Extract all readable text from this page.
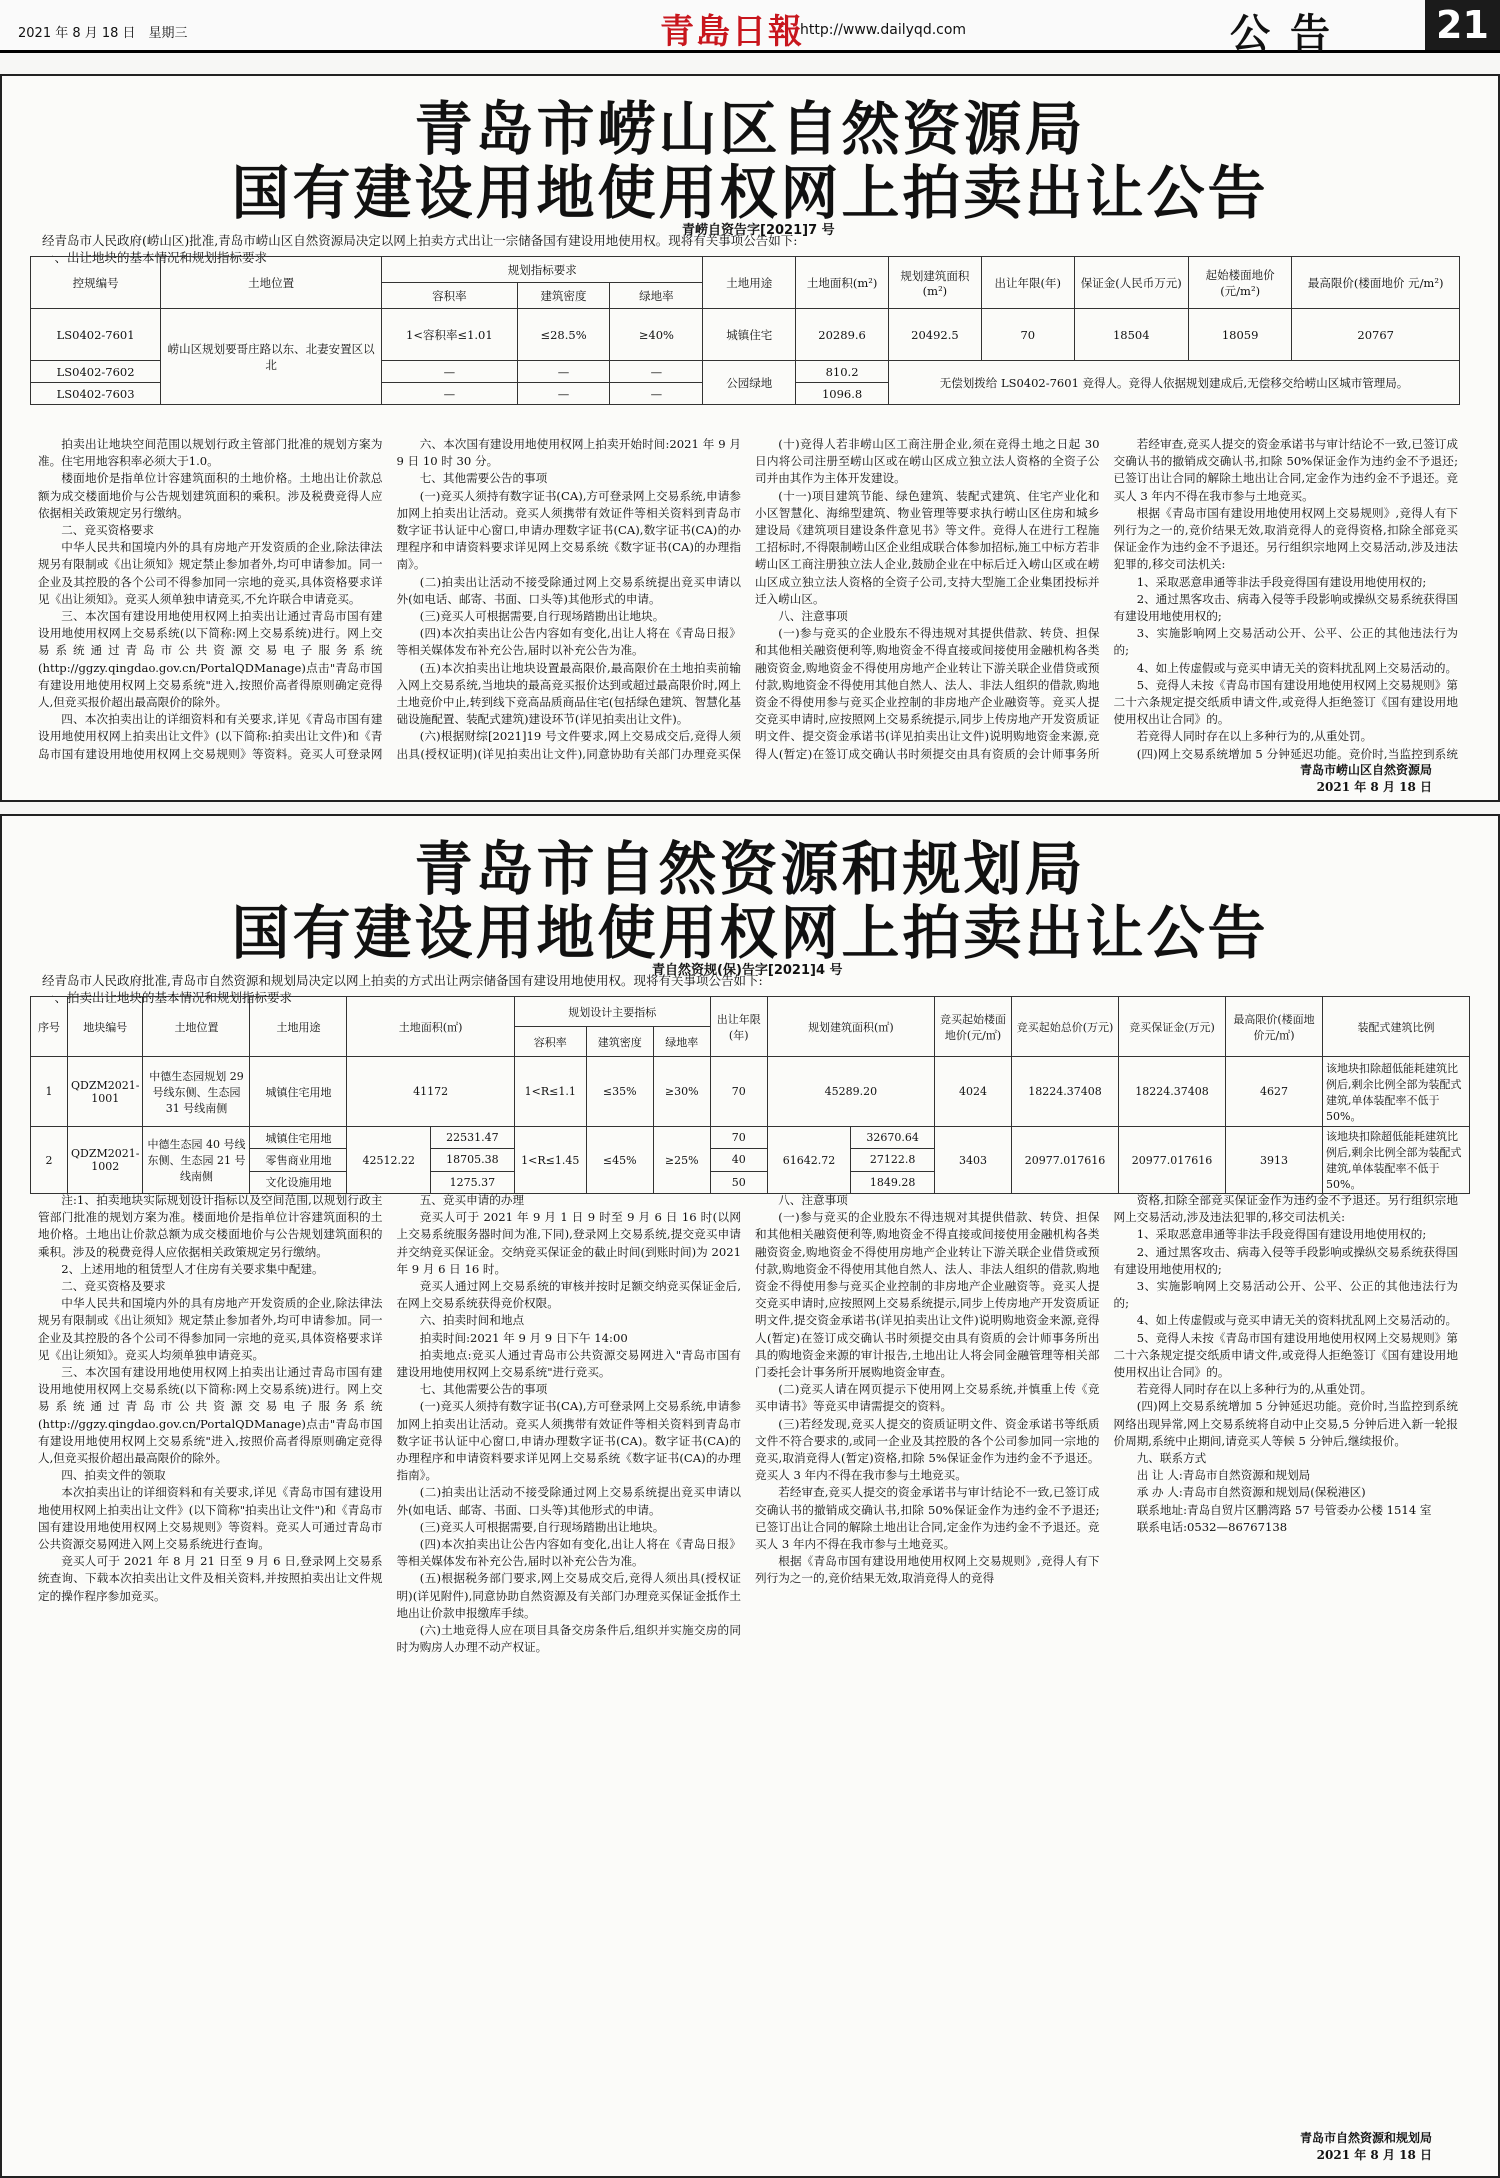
2021 年 8 月 18 日　星期三	青島日報
http://www.dailyqd.com	公告 21
青岛市崂山区自然资源局
国有建设用地使用权网上拍卖出让公告
青崂自资告字[2021]7 号
经青岛市人民政府(崂山区)批准,青岛市崂山区自然资源局决定以网上拍卖方式出让一宗储备国有建设用地使用权。现将有关事项公告如下:
一、出让地块的基本情况和规划指标要求
控规编号	土地位置	规划指标要求			土地用途	土地面积(m²)	规划建筑面积(m²)	出让年限(年)	保证金(人民币万元)	起始楼面地价(元/m²)	最高限价(楼面地价 元/m²)
		容积率	建筑密度	绿地率							
LS0402-7601	崂山区规划要哥庄路以东、北妻安置区以北	1<容积率≤1.01	≤28.5%	≥40%	城镇住宅	20289.6	20492.5	70	18504	18059	20767
LS0402-7602		—	—	—	公园绿地	810.2	无偿划拨给 LS0402-7601 竞得人。竞得人依据规划建成后,无偿移交给崂山区城市管理局。				
LS0402-7603		—	—	—		1096.8					

拍卖出让地块空间范围以规划行政主管部门批准的规划方案为准。住宅用地容积率必须大于1.0。

楼面地价是指单位计容建筑面积的土地价格。土地出让价款总额为成交楼面地价与公告规划建筑面积的乘积。涉及税费竞得人应依据相关政策规定另行缴纳。

二、竞买资格要求

中华人民共和国境内外的具有房地产开发资质的企业,除法律法规另有限制或《出让须知》规定禁止参加者外,均可申请参加。同一企业及其控股的各个公司不得参加同一宗地的竞买,具体资格要求详见《出让须知》。竞买人须单独申请竞买,不允许联合申请竞买。

三、本次国有建设用地使用权网上拍卖出让通过青岛市国有建设用地使用权网上交易系统(以下简称:网上交易系统)进行。网上交易系统通过青岛市公共资源交易电子服务系统(http://ggzy.qingdao.gov.cn/PortalQDManage)点击"青岛市国有建设用地使用权网上交易系统"进入,按照价高者得原则确定竞得人,但竞买报价超出最高限价的除外。

四、本次拍卖出让的详细资料和有关要求,详见《青岛市国有建设用地使用权网上拍卖出让文件》(以下简称:拍卖出让文件)和《青岛市国有建设用地使用权网上交易规则》等资料。竞买人可登录网

六、本次国有建设用地使用权网上拍卖开始时间:2021 年 9 月 9 日 10 时 30 分。

七、其他需要公告的事项

(一)竞买人须持有数字证书(CA),方可登录网上交易系统,申请参加网上拍卖出让活动。竞买人须携带有效证件等相关资料到青岛市数字证书认证中心窗口,申请办理数字证书(CA),数字证书(CA)的办理程序和申请资料要求详见网上交易系统《数字证书(CA)的办理指南》。

(二)拍卖出让活动不接受除通过网上交易系统提出竞买申请以外(如电话、邮寄、书面、口头等)其他形式的申请。

(三)竞买人可根据需要,自行现场踏勘出让地块。

(四)本次拍卖出让公告内容如有变化,出让人将在《青岛日报》等相关媒体发布补充公告,届时以补充公告为准。

(五)本次拍卖出让地块设置最高限价,最高限价在土地拍卖前输入网上交易系统,当地块的最高竞买报价达到或超过最高限价时,网上土地竞价中止,转到线下竞高品质商品住宅(包括绿色建筑、智慧化基础设施配置、装配式建筑)建设环节(详见拍卖出让文件)。

(六)根据财综[2021]19 号文件要求,网上交易成交后,竞得人须出具(授权证明)(详见拍卖出让文件),同意协助有关部门办理竞买保

(十)竞得人若非崂山区工商注册企业,须在竞得土地之日起 30 日内将公司注册至崂山区或在崂山区成立独立法人资格的全资子公司并由其作为主体开发建设。

(十一)项目建筑节能、绿色建筑、装配式建筑、住宅产业化和小区智慧化、海绵型建筑、物业管理等要求执行崂山区住房和城乡建设局《建筑项目建设条件意见书》等文件。竞得人在进行工程施工招标时,不得限制崂山区企业组成联合体参加招标,施工中标方若非崂山区工商注册独立法人企业,鼓励企业在中标后迁入崂山区或在崂山区成立独立法人资格的全资子公司,支持大型施工企业集团投标并迁入崂山区。

八、注意事项

(一)参与竞买的企业股东不得违规对其提供借款、转贷、担保和其他相关融资便利等,购地资金不得直接或间接使用金融机构各类融资资金,购地资金不得使用房地产企业转让下游关联企业借贷或预付款,购地资金不得使用其他自然人、法人、非法人组织的借款,购地资金不得使用参与竞买企业控制的非房地产企业融资等。竞买人提交竞买申请时,应按照网上交易系统提示,同步上传房地产开发资质证明文件、提交资金承诺书(详见拍卖出让文件)说明购地资金来源,竞得人(暂定)在签订成交确认书时须提交由具有资质的会计师事务所

若经审查,竞买人提交的资金承诺书与审计结论不一致,已签订成交确认书的撤销成交确认书,扣除 50%保证金作为违约金不予退还;已签订出让合同的解除土地出让合同,定金作为违约金不予退还。竞买人 3 年内不得在我市参与土地竞买。

根据《青岛市国有建设用地使用权网上交易规则》,竞得人有下列行为之一的,竞价结果无效,取消竞得人的竞得资格,扣除全部竞买保证金作为违约金不予退还。另行组织宗地网上交易活动,涉及违法犯罪的,移交司法机关:

1、采取恶意串通等非法手段竞得国有建设用地使用权的;

2、通过黑客攻击、病毒入侵等手段影响或操纵交易系统获得国有建设用地使用权的;

3、实施影响网上交易活动公开、公平、公正的其他违法行为的;

4、如上传虚假或与竞买申请无关的资料扰乱网上交易活动的。

5、竞得人未按《青岛市国有建设用地使用权网上交易规则》第二十六条规定提交纸质申请文件,或竞得人拒绝签订《国有建设用地使用权出让合同》的。

若竞得人同时存在以上多种行为的,从重处罚。

(四)网上交易系统增加 5 分钟延迟功能。竞价时,当监控到系统

青岛市崂山区自然资源局
2021 年 8 月 18 日
青岛市自然资源和规划局
国有建设用地使用权网上拍卖出让公告
青自然资规(保)告字[2021]4 号
经青岛市人民政府批准,青岛市自然资源和规划局决定以网上拍卖的方式出让两宗储备国有建设用地使用权。现将有关事项公告如下:
一、拍卖出让地块的基本情况和规划指标要求
序号	地块编号	土地位置	土地用途	土地面积(㎡)		规划设计主要指标			出让年限(年)	规划建筑面积(㎡)		竞买起始楼面地价(元/㎡)	竞买起始总价(万元)	竞买保证金(万元)	最高限价(楼面地价元/㎡)	装配式建筑比例
						容积率	建筑密度	绿地率								
1	QDZM2021-1001	中德生态园规划 29 号线东侧、生态园 31 号线南侧	城镇住宅用地	41172		1<R≤1.1	≤35%	≥30%	70	45289.20		4024	18224.37408	18224.37408	4627	该地块扣除超低能耗建筑比例后,剩余比例全部为装配式建筑,单体装配率不低于 50%。
2	QDZM2021-1002	中德生态园 40 号线东侧、生态园 21 号线南侧	城镇住宅用地	42512.22	22531.47	1<R≤1.45	≤45%	≥25%	70	61642.72	32670.64	3403	20977.017616	20977.017616	3913	该地块扣除超低能耗建筑比例后,剩余比例全部为装配式建筑,单体装配率不低于 50%。
			零售商业用地		18705.38				40		27122.8					
			文化设施用地		1275.37				50		1849.28					

注:1、拍卖地块实际规划设计指标以及空间范围,以规划行政主管部门批准的规划方案为准。楼面地价是指单位计容建筑面积的土地价格。土地出让价款总额为成交楼面地价与公告规划建筑面积的乘积。涉及的税费竞得人应依据相关政策规定另行缴纳。

2、上述用地的租赁型人才住房有关要求集中配建。

二、竞买资格及要求

中华人民共和国境内外的具有房地产开发资质的企业,除法律法规另有限制或《出让须知》规定禁止参加者外,均可申请参加。同一企业及其控股的各个公司不得参加同一宗地的竞买,具体资格要求详见《出让须知》。竞买人均须单独申请竞买。

三、本次国有建设用地使用权网上拍卖出让通过青岛市国有建设用地使用权网上交易系统(以下简称:网上交易系统)进行。网上交易系统通过青岛市公共资源交易电子服务系统(http://ggzy.qingdao.gov.cn/PortalQDManage)点击"青岛市国有建设用地使用权网上交易系统"进入,按照价高者得原则确定竞得人,但竞买报价超出最高限价的除外。

四、拍卖文件的领取

本次拍卖出让的详细资料和有关要求,详见《青岛市国有建设用地使用权网上拍卖出让文件》(以下简称"拍卖出让文件")和《青岛市国有建设用地使用权网上交易规则》等资料。竞买人可通过青岛市公共资源交易网进入网上交易系统进行查询。

竞买人可于 2021 年 8 月 21 日至 9 月 6 日,登录网上交易系统查询、下载本次拍卖出让文件及相关资料,并按照拍卖出让文件规定的操作程序参加竞买。

五、竞买申请的办理

竞买人可于 2021 年 9 月 1 日 9 时至 9 月 6 日 16 时(以网上交易系统服务器时间为准,下同),登录网上交易系统,提交竞买申请并交纳竞买保证金。交纳竞买保证金的截止时间(到账时间)为 2021 年 9 月 6 日 16 时。

竞买人通过网上交易系统的审核并按时足额交纳竞买保证金后,在网上交易系统获得竞价权限。

六、拍卖时间和地点

拍卖时间:2021 年 9 月 9 日下午 14:00

拍卖地点:竞买人通过青岛市公共资源交易网进入"青岛市国有建设用地使用权网上交易系统"进行竞买。

七、其他需要公告的事项

(一)竞买人须持有数字证书(CA),方可登录网上交易系统,申请参加网上拍卖出让活动。竞买人须携带有效证件等相关资料到青岛市数字证书认证中心窗口,申请办理数字证书(CA)。数字证书(CA)的办理程序和申请资料要求详见网上交易系统《数字证书(CA)的办理指南》。

(二)拍卖出让活动不接受除通过网上交易系统提出竞买申请以外(如电话、邮寄、书面、口头等)其他形式的申请。

(三)竞买人可根据需要,自行现场踏勘出让地块。

(四)本次拍卖出让公告内容如有变化,出让人将在《青岛日报》等相关媒体发布补充公告,届时以补充公告为准。

(五)根据税务部门要求,网上交易成交后,竞得人须出具(授权证明)(详见附件),同意协助自然资源及有关部门办理竞买保证金抵作土地出让价款申报缴库手续。

(六)土地竞得人应在项目具备交房条件后,组织并实施交房的同时为购房人办理不动产权证。

八、注意事项

(一)参与竞买的企业股东不得违规对其提供借款、转贷、担保和其他相关融资便利等,购地资金不得直接或间接使用金融机构各类融资资金,购地资金不得使用房地产企业转让下游关联企业借贷或预付款,购地资金不得使用其他自然人、法人、非法人组织的借款,购地资金不得使用参与竞买企业控制的非房地产企业融资等。竞买人提交竞买申请时,应按照网上交易系统提示,同步上传房地产开发资质证明文件,提交资金承诺书(详见拍卖出让文件)说明购地资金来源,竞得人(暂定)在签订成交确认书时须提交由具有资质的会计师事务所出具的购地资金来源的审计报告,土地出让人将会同金融管理等相关部门委托会计事务所开展购地资金审查。

(二)竞买人请在网页提示下使用网上交易系统,并慎重上传《竞买申请书》等竞买申请需提交的资料。

(三)若经发现,竞买人提交的资质证明文件、资金承诺书等纸质文件不符合要求的,或同一企业及其控股的各个公司参加同一宗地的竞买,取消竞得人(暂定)资格,扣除 5%保证金作为违约金不予退还。竞买人 3 年内不得在我市参与土地竞买。

若经审查,竞买人提交的资金承诺书与审计结论不一致,已签订成交确认书的撤销成交确认书,扣除 50%保证金作为违约金不予退还;已签订出让合同的解除土地出让合同,定金作为违约金不予退还。竞买人 3 年内不得在我市参与土地竞买。

根据《青岛市国有建设用地使用权网上交易规则》,竞得人有下列行为之一的,竞价结果无效,取消竞得人的竞得

资格,扣除全部竞买保证金作为违约金不予退还。另行组织宗地网上交易活动,涉及违法犯罪的,移交司法机关:

1、采取恶意串通等非法手段竞得国有建设用地使用权的;

2、通过黑客攻击、病毒入侵等手段影响或操纵交易系统获得国有建设用地使用权的;

3、实施影响网上交易活动公开、公平、公正的其他违法行为的;

4、如上传虚假或与竞买申请无关的资料扰乱网上交易活动的。

5、竞得人未按《青岛市国有建设用地使用权网上交易规则》第二十六条规定提交纸质申请文件,或竞得人拒绝签订《国有建设用地使用权出让合同》的。

若竞得人同时存在以上多种行为的,从重处罚。

(四)网上交易系统增加 5 分钟延迟功能。竞价时,当监控到系统网络出现异常,网上交易系统将自动中止交易,5 分钟后进入新一轮报价周期,系统中止期间,请竞买人等候 5 分钟后,继续报价。

九、联系方式

出 让 人:青岛市自然资源和规划局

承 办 人:青岛市自然资源和规划局(保税港区)

联系地址:青岛自贸片区鹏湾路 57 号管委办公楼 1514 室

联系电话:0532—86767138

青岛市自然资源和规划局
2021 年 8 月 18 日
